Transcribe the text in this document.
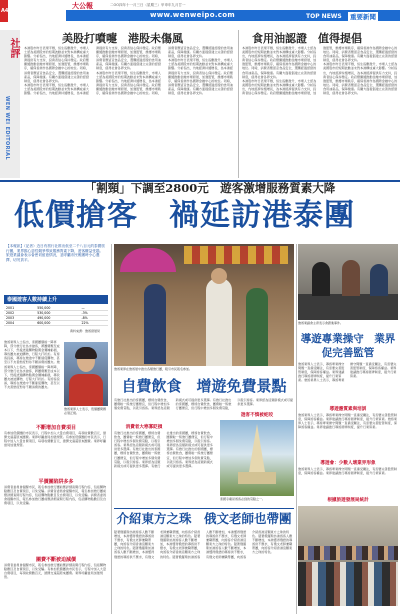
大公報	二OO四年十一月三日（星期三）甲申年九月廿一
www.wenweipo.com	TOP NEWS	重要新聞
A4
社評
WEN WEI EDITORIAL
美股打噴嚏　港股未傷風	食用油認證　值得提倡
本港股市昨日表現平穩，恒生指數微升，市場人士認為美國股市的短期波動並未對本港構成重大影響。分析指出，內地經濟持續增長，為本港經濟提供有力支持，投資者信心保持穩定。政府應繼續推動金融市場發展，加強監管，維護市場秩序，確保香港作為國際金融中心的地位。同時，消費者應留意食品安全，選購經過認證的食用油產品，保障健康。有關方面提倡建立完善的認證制度，值得社會各界支持。
本港股市昨日表現平穩，恒生指數微升，市場人士認為美國股市的短期波動並未對本港構成重大影響。分析指出，內地經濟持續增長，為本港經濟提供有力支持，投資者信心保持穩定。政府應繼續推動金融市場發展，加強監管，維護市場秩序，確保香港作為國際金融中心的地位。同時，消費者應留意食品安全，選購經過認證的食用油產品，保障健康。有關方面提倡建立完善的認證制度，值得社會各界支持。
本港股市昨日表現平穩，恒生指數微升，市場人士認為美國股市的短期波動並未對本港構成重大影響。分析指出，內地經濟持續增長，為本港經濟提供有力支持，投資者信心保持穩定。政府應繼續推動金融市場發展，加強監管，維護市場秩序，確保香港作為國際金融中心的地位。同時，消費者應留意食品安全，選購經過認證的食用油產品，保障健康。有關方面提倡建立完善的認證制度，值得社會各界支持。
本港股市昨日表現平穩，恒生指數微升，市場人士認為美國股市的短期波動並未對本港構成重大影響。分析指出，內地經濟持續增長，為本港經濟提供有力支持，投資者信心保持穩定。政府應繼續推動金融市場發展，加強監管，維護市場秩序，確保香港作為國際金融中心的地位。同時，消費者應留意食品安全，選購經過認證的食用油產品，保障健康。有關方面提倡建立完善的認證制度，值得社會各界支持。
本港股市昨日表現平穩，恒生指數微升，市場人士認為美國股市的短期波動並未對本港構成重大影響。分析指出，內地經濟持續增長，為本港經濟提供有力支持，投資者信心保持穩定。政府應繼續推動金融市場發展，加強監管，維護市場秩序，確保香港作為國際金融中心的地位。同時，消費者應留意食品安全，選購經過認證的食用油產品，保障健康。有關方面提倡建立完善的認證制度，值得社會各界支持。
本港股市昨日表現平穩，恒生指數微升，市場人士認為美國股市的短期波動並未對本港構成重大影響。分析指出，內地經濟持續增長，為本港經濟提供有力支持，投資者信心保持穩定。政府應繼續推動金融市場發展，加強監管，維護市場秩序，確保香港作為國際金融中心的地位。同時，消費者應留意食品安全，選購經過認證的食用油產品，保障健康。有關方面提倡建立完善的認證制度，值得社會各界支持。
本港股市昨日表現平穩，恒生指數微升，市場人士認為美國股市的短期波動並未對本港構成重大影響。分析指出，內地經濟持續增長，為本港經濟提供有力支持，投資者信心保持穩定。政府應繼續推動金融市場發展，加強監管，維護市場秩序，確保香港作為國際金融中心的地位。同時，消費者應留意食品安全，選購經過認證的食用油產品，保障健康。有關方面提倡建立完善的認證制度，值得社會各界支持。
「割頸」下調至2800元　遊客激增服務質素大降
低價搶客　禍延訪港泰團
【本報訊】（記者）近日有旅行社推出低至二千八百元的泰國旅行團，業界擔心惡性競爭導致服務質素下降，遊客權益受損。旅遊業議會表示會密切留意情況，並呼籲市民報團時小心選擇，切勿貪平。
泰國遊客人數持續上升
2001	550,000	—
2002	530,000	-3%
2003	490,000	-8%
2004	600,000	22%
資料來源：旅遊發展局
旅遊業界人士指出，泰國團價格一降再降，部分旅行社為求搶客，將團費壓至成本以下，然後透過購物點佣金彌補虧損，導致團友被迫購物，行程大打折扣。有遊客投訴，導遊在旅途中不斷催促購物，甚至以不友善態度對待不願消費的團友。旅遊業界人士指出，泰國團價格一降再降，部分旅行社為求搶客，將團費壓至成本以下，然後透過購物點佣金彌補虧損，導致團友被迫購物，行程大打折扣。有遊客投訴，導遊在旅途中不斷催促購物，甚至以不友善態度對待不願消費的團友。
旅遊業界人士表示，低價團問題必須正視。
不斷增加自費項目
有參加低價團的市民表示，行程中加入大量自費項目，每項收費數百元，總開支遠超原來團費。業界呼籲當局加強規管。有參加低價團的市民表示，行程中加入大量自費項目，每項收費數百元，總開支遠超原來團費。業界呼籲當局加強規管。
平價團陷阱多多
消費者委員會提醒市民，報名參加旅行團前應詳細查閱行程內容，包括購物點數目及自費項目，以免受騙。消費者委員會提醒市民，報名參加旅行團前應詳細查閱行程內容，包括購物點數目及自費項目，以免受騙。消費者委員會提醒市民，報名參加旅行團前應詳細查閱行程內容，包括購物點數目及自費項目，以免受騙。
團費不斷被迫減價
消費者委員會提醒市民，報名參加旅行團前應詳細查閱行程內容，包括購物點數目及自費項目，以免受騙。有參加低價團的市民表示，行程中加入大量自費項目，每項收費數百元，總開支遠超原來團費。業界呼籲當局加強規管。
旅遊業界在旅遊展中推出各類旅行團，吸引市民報名參加。
旅遊業議會主席表示會跟進事件。
導遊專業操守　業界促完善監管
旅遊業界人士表示，導遊專業操守問題一直備受關注，有需要完善監管制度，保障遊客權益。業界建議推行導遊發牌制度，提升行業質素。旅遊業界人士表示，導遊專業操守問題一直備受關注，有需要完善監管制度，保障遊客權益。業界建議推行導遊發牌制度，提升行業質素。
導遊應質素與培訓
旅遊業界人士表示，導遊專業操守問題一直備受關注，有需要完善監管制度，保障遊客權益。業界建議推行導遊發牌制度，提升行業質素。旅遊業界人士表示，導遊專業操守問題一直備受關注，有需要完善監管制度，保障遊客權益。業界建議推行導遊發牌制度，提升行業質素。
導遊會：少數人壞業界形象
旅遊業界人士表示，導遊專業操守問題一直備受關注，有需要完善監管制度，保障遊客權益。業界建議推行導遊發牌制度，提升行業質素。
根據旅遊發展局統計
自費飲食　增遊免費景點
有旅行社推出的泰國團，標榜自費飲食，團費較一般旅行團便宜，但行程中增加多個免費景點，以吸引遊客。業界認為這類新模式或可提供更多選擇。有旅行社推出的泰國團，標榜自費飲食，團費較一般旅行團便宜，但行程中增加多個免費景點，以吸引遊客。業界認為這類新模式或可提供更多選擇。
消費者大寒寡貶損
有旅行社推出的泰國團，標榜自費飲食，團費較一般旅行團便宜，但行程中增加多個免費景點，以吸引遊客。業界認為這類新模式或可提供更多選擇。有旅行社推出的泰國團，標榜自費飲食，團費較一般旅行團便宜，但行程中增加多個免費景點，以吸引遊客。業界認為這類新模式或可提供更多選擇。有旅行社推出的泰國團，標榜自費飲食，團費較一般旅行團便宜，但行程中增加多個免費景點，以吸引遊客。業界認為這類新模式或可提供更多選擇。有旅行社推出的泰國團，標榜自費飲食，團費較一般旅行團便宜，但行程中增加多個免費景點，以吸引遊客。業界認為這類新模式或可提供更多選擇。
遊客不慎被蛇咬
泰國寺廟是遊客必到的景點之一。
介紹東方之珠　俄文老師也帶團
隨著俄羅斯訪港遊客人數不斷增加，本港懂得俄語的導遊供不應求，有俄文老師兼職帶團，向遊客介紹香港這顆東方之珠的特色。隨著俄羅斯訪港遊客人數不斷增加，本港懂得俄語的導遊供不應求，有俄文老師兼職帶團，向遊客介紹香港這顆東方之珠的特色。隨著俄羅斯訪港遊客人數不斷增加，本港懂得俄語的導遊供不應求，有俄文老師兼職帶團，向遊客介紹香港這顆東方之珠的特色。隨著俄羅斯訪港遊客人數不斷增加，本港懂得俄語的導遊供不應求，有俄文老師兼職帶團，向遊客介紹香港這顆東方之珠的特色。隨著俄羅斯訪港遊客人數不斷增加，本港懂得俄語的導遊供不應求，有俄文老師兼職帶團，向遊客介紹香港這顆東方之珠的特色。隨著俄羅斯訪港遊客人數不斷增加，本港懂得俄語的導遊供不應求，有俄文老師兼職帶團，向遊客介紹香港這顆東方之珠的特色。
